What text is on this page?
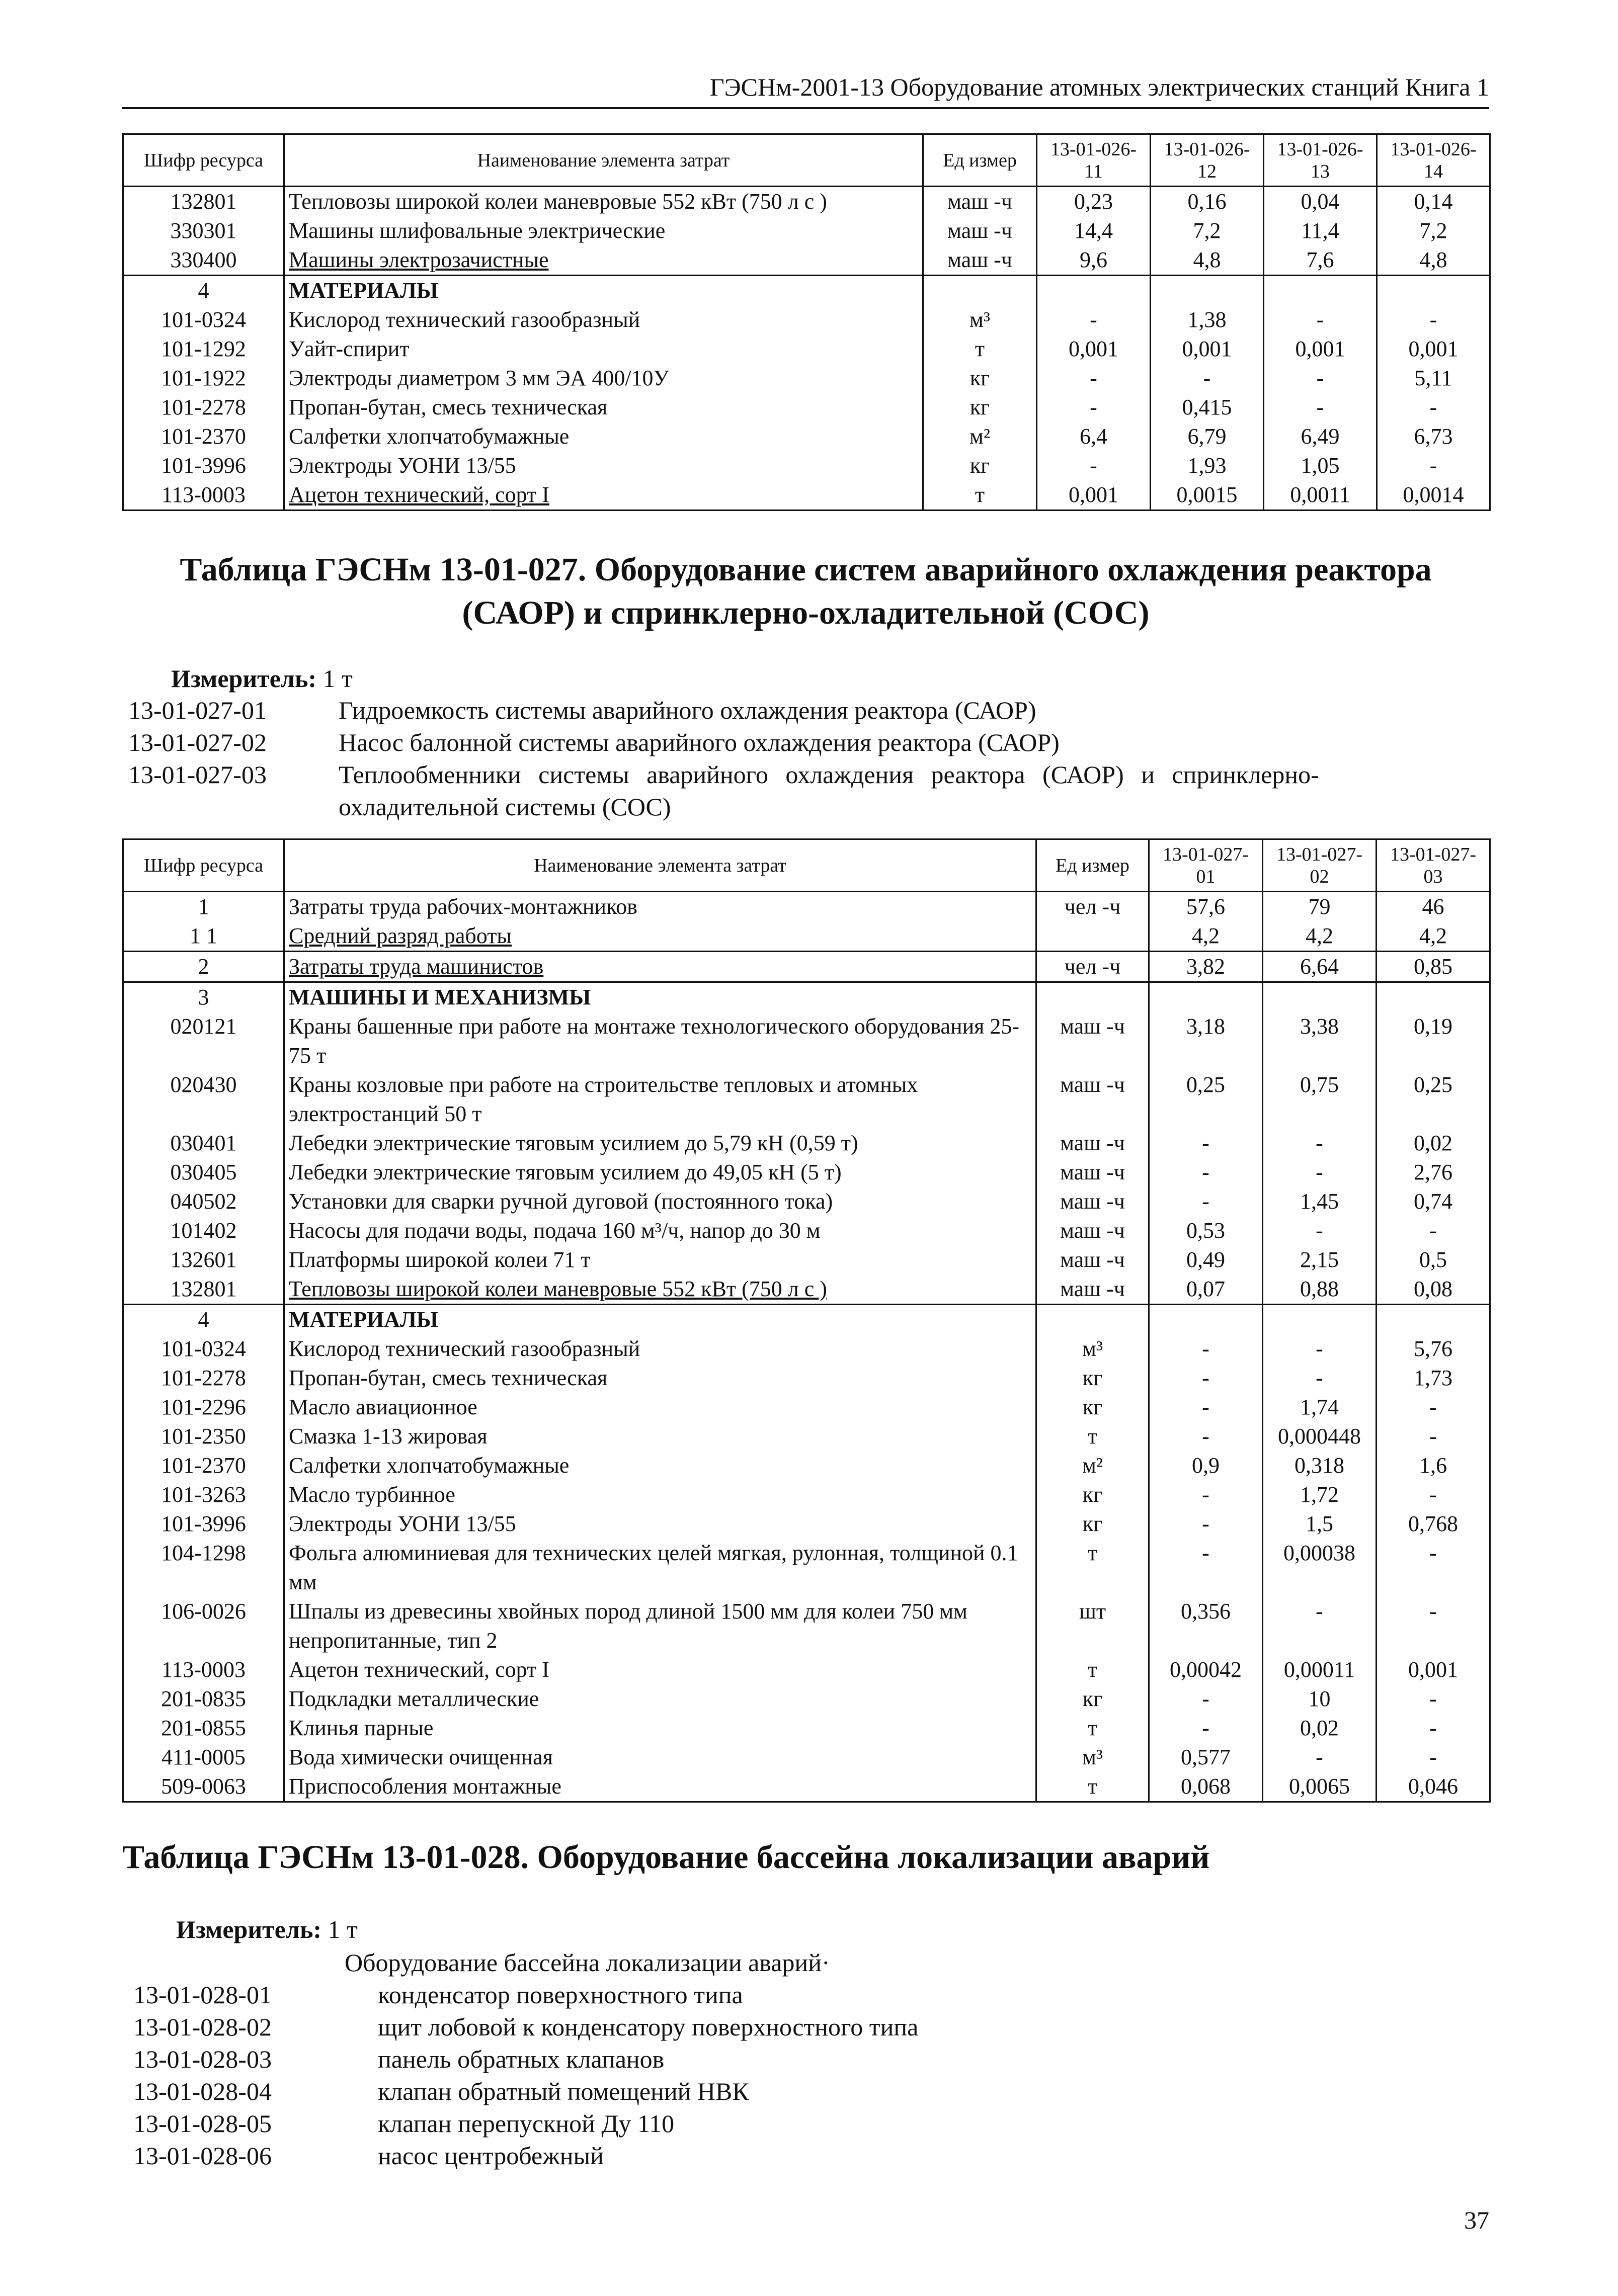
ГЭСНм-2001-13 Оборудование атомных электрических станций Книга 1
Шифр ресурса	Наименование элемента затрат	Ед измер	13-01-026-11	13-01-026-12	13-01-026-13	13-01-026-14
132801	Тепловозы широкой колеи маневровые 552 кВт (750 л с )	маш -ч	0,23	0,16	0,04	0,14
330301	Машины шлифовальные электрические	маш -ч	14,4	7,2	11,4	7,2
330400	Машины электрозачистные	маш -ч	9,6	4,8	7,6	4,8
4	МАТЕРИАЛЫ					
101-0324	Кислород технический газообразный	м³	-	1,38	-	-
101-1292	Уайт-спирит	т	0,001	0,001	0,001	0,001
101-1922	Электроды диаметром 3 мм ЭА 400/10У	кг	-	-	-	5,11
101-2278	Пропан-бутан, смесь техническая	кг	-	0,415	-	-
101-2370	Салфетки хлопчатобумажные	м²	6,4	6,79	6,49	6,73
101-3996	Электроды УОНИ 13/55	кг	-	1,93	1,05	-
113-0003	Ацетон технический, сорт I	т	0,001	0,0015	0,0011	0,0014
Таблица ГЭСНм 13-01-027. Оборудование систем аварийного охлаждения реактора
(САОР) и спринклерно-охладительной (СОС)
Измеритель: 1 т
13-01-027-01	Гидроемкость системы аварийного охлаждения реактора (САОР)
13-01-027-02	Насос балонной системы аварийного охлаждения реактора (САОР)
13-01-027-03	Теплообменники системы аварийного охлаждения реактора (САОР) и спринклерно-
охладительной системы (СОС)
Шифр ресурса	Наименование элемента затрат	Ед измер	13-01-027-01	13-01-027-02	13-01-027-03
1	Затраты труда рабочих-монтажников	чел -ч	57,6	79	46
1 1	Средний разряд работы		4,2	4,2	4,2
2	Затраты труда машинистов	чел -ч	3,82	6,64	0,85
3	МАШИНЫ И МЕХАНИЗМЫ				
020121	Краны башенные при работе на монтаже технологического оборудования 25-75 т	маш -ч	3,18	3,38	0,19
020430	Краны козловые при работе на строительстве тепловых и атомных электростанций 50 т	маш -ч	0,25	0,75	0,25
030401	Лебедки электрические тяговым усилием до 5,79 кН (0,59 т)	маш -ч	-	-	0,02
030405	Лебедки электрические тяговым усилием до 49,05 кН (5 т)	маш -ч	-	-	2,76
040502	Установки для сварки ручной дуговой (постоянного тока)	маш -ч	-	1,45	0,74
101402	Насосы для подачи воды, подача 160 м³/ч, напор до 30 м	маш -ч	0,53	-	-
132601	Платформы широкой колеи 71 т	маш -ч	0,49	2,15	0,5
132801	Тепловозы широкой колеи маневровые 552 кВт (750 л с )	маш -ч	0,07	0,88	0,08
4	МАТЕРИАЛЫ				
101-0324	Кислород технический газообразный	м³	-	-	5,76
101-2278	Пропан-бутан, смесь техническая	кг	-	-	1,73
101-2296	Масло авиационное	кг	-	1,74	-
101-2350	Смазка 1-13 жировая	т	-	0,000448	-
101-2370	Салфетки хлопчатобумажные	м²	0,9	0,318	1,6
101-3263	Масло турбинное	кг	-	1,72	-
101-3996	Электроды УОНИ 13/55	кг	-	1,5	0,768
104-1298	Фольга алюминиевая для технических целей мягкая, рулонная, толщиной 0.1 мм	т	-	0,00038	-
106-0026	Шпалы из древесины хвойных пород длиной 1500 мм для колеи 750 мм непропитанные, тип 2	шт	0,356	-	-
113-0003	Ацетон технический, сорт I	т	0,00042	0,00011	0,001
201-0835	Подкладки металлические	кг	-	10	-
201-0855	Клинья парные	т	-	0,02	-
411-0005	Вода химически очищенная	м³	0,577	-	-
509-0063	Приспособления монтажные	т	0,068	0,0065	0,046
Таблица ГЭСНм 13-01-028. Оборудование бассейна локализации аварий
Измеритель: 1 т
Оборудование бассейна локализации аварий·
13-01-028-01	конденсатор поверхностного типа
13-01-028-02	щит лобовой к конденсатору поверхностного типа
13-01-028-03	панель обратных клапанов
13-01-028-04	клапан обратный помещений НВК
13-01-028-05	клапан перепускной Ду 110
13-01-028-06	насос центробежный
37
